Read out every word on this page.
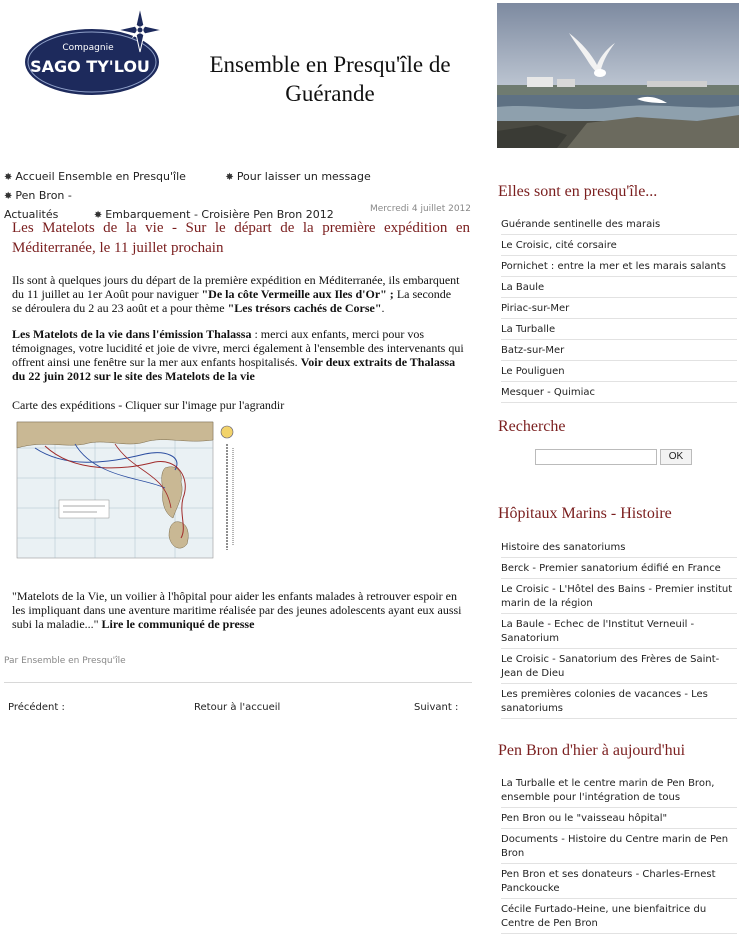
Compagnie
SAGO TY'LOU	Ensemble en Presqu'île de
Guérande
✸ Accueil Ensemble en Presqu'île	✸ Pour laisser un message ✸ Pen Bron -
Actualités	✸ Embarquement - Croisière Pen Bron 2012	Mercredi 4 juillet 2012
Les Matelots de la vie - Sur le départ de la première expédition en Méditerranée, le 11 juillet prochain
Ils sont à quelques jours du départ de la première expédition en Méditerranée, ils embarquent du 11 juillet au 1er Août pour naviguer "De la côte Vermeille aux Iles d'Or" ; La seconde se déroulera du 2 au 23 août et a pour thème "Les trésors cachés de Corse".
Les Matelots de la vie dans l'émission Thalassa : merci aux enfants, merci pour vos témoignages, votre lucidité et joie de vivre, merci également à l'ensemble des intervenants qui offrent ainsi une fenêtre sur la mer aux enfants hospitalisés. Voir deux extraits de Thalassa du 22 juin 2012 sur le site des Matelots de la vie
Carte des expéditions - Cliquer sur l'image pur l'agrandir
"Matelots de la Vie, un voilier à l'hôpital pour aider les enfants malades à retrouver espoir en les impliquant dans une aventure maritime réalisée par des jeunes adolescents ayant eux aussi subi la maladie..." Lire le communiqué de presse
Par Ensemble en Presqu'île
Précédent :	Retour à l'accueil	Suivant :
Elles sont en presqu'île...
Guérande sentinelle des marais
Le Croisic, cité corsaire
Pornichet : entre la mer et les marais salants
La Baule
Piriac-sur-Mer
La Turballe
Batz-sur-Mer
Le Pouliguen
Mesquer - Quimiac
Recherche
OK
Hôpitaux Marins - Histoire
Histoire des sanatoriums
Berck - Premier sanatorium édifié en France
Le Croisic - L'Hôtel des Bains - Premier institut marin de la région
La Baule - Echec de l'Institut Verneuil - Sanatorium
Le Croisic - Sanatorium des Frères de Saint-Jean de Dieu
Les premières colonies de vacances - Les sanatoriums
Pen Bron d'hier à aujourd'hui
La Turballe et le centre marin de Pen Bron, ensemble pour l'intégration de tous
Pen Bron ou le "vaisseau hôpital"
Documents - Histoire du Centre marin de Pen Bron
Pen Bron et ses donateurs - Charles-Ernest Panckoucke
Cécile Furtado-Heine, une bienfaitrice du Centre de Pen Bron
